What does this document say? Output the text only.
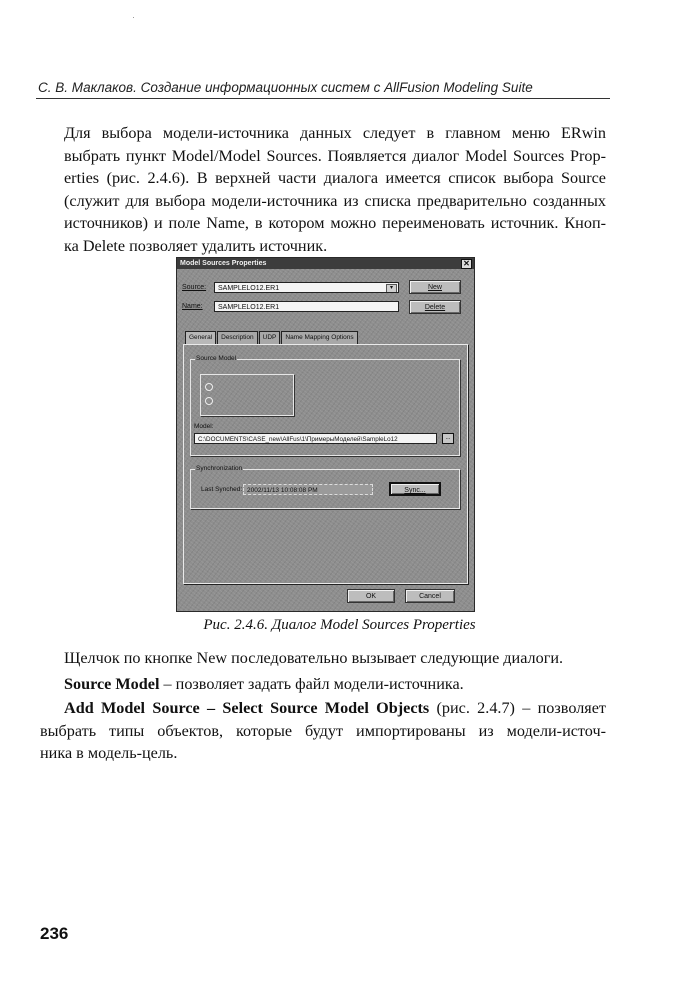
С. В. Маклаков. Создание информационных систем с AllFusion Modeling Suite
Для выбора модели-источника данных следует в главном меню ERwin
выбрать пункт Model/Model Sources. Появляется диалог Model Sources Prop-
erties (рис. 2.4.6). В верхней части диалога имеется список выбора Source
(служит для выбора модели-источника из списка предварительно созданных
источников) и поле Name, в котором можно переименовать источник. Кноп-
ка Delete позволяет удалить источник.
Model Sources Properties	✕
Source:	SAMPLELO12.ER1	▾	New
Name:	SAMPLELO12.ER1	Delete
General	Description	UDP	Name Mapping Options
Source Model
Model:
C:\DOCUMENTS\CASE_new\AllFus\1\ПримерыМоделей\SampleLo12	...
Synchronization
Last Synched: 2002/11/13 10:08:08 PM	Sync...
OK	Cancel
Рис. 2.4.6. Диалог Model Sources Properties
Щелчок по кнопке New последовательно вызывает следующие диалоги.
Source Model – позволяет задать файл модели-источника.
Add Model Source – Select Source Model Objects (рис. 2.4.7) – позволяет
выбрать типы объектов, которые будут импортированы из модели-источ-
ника в модель-цель.
236
